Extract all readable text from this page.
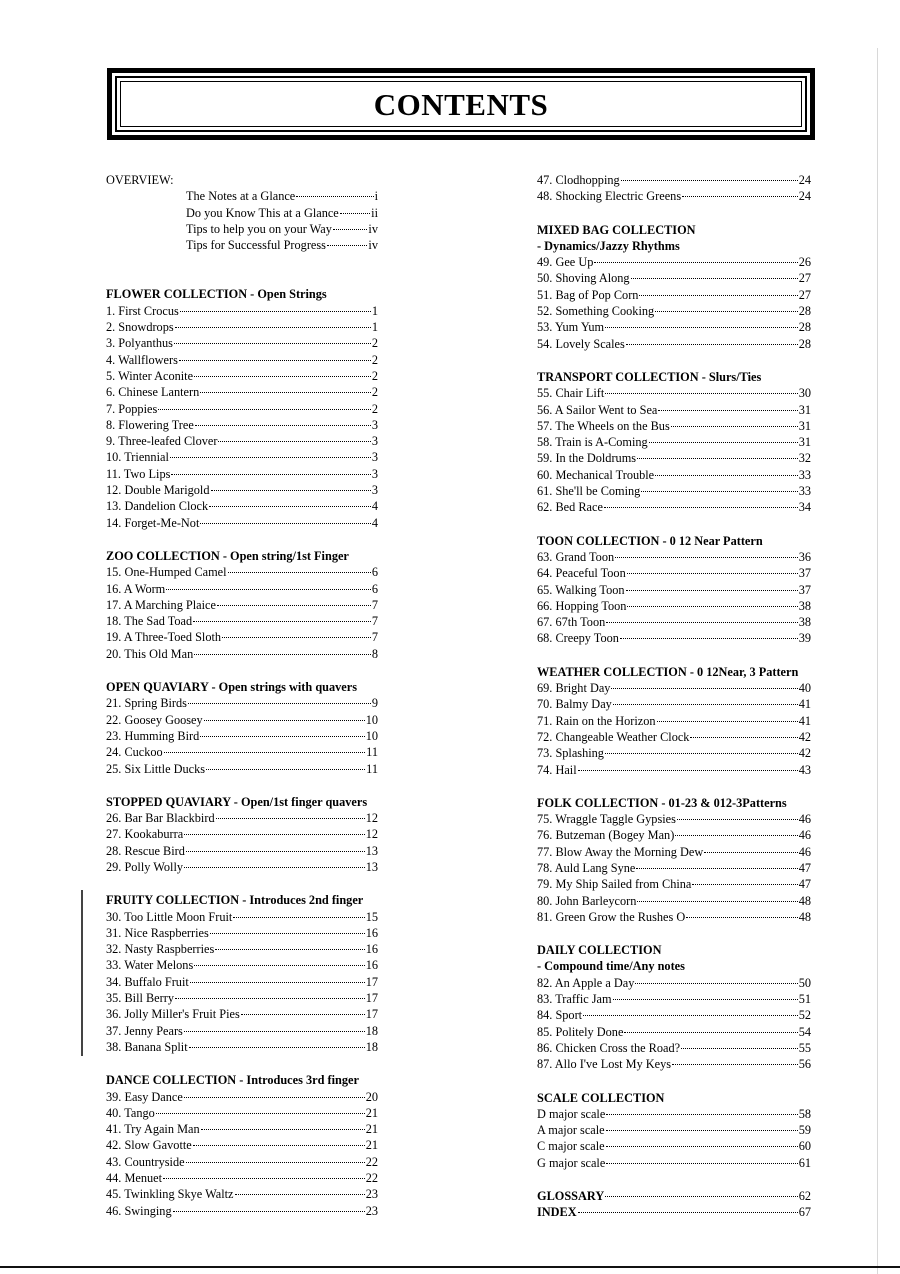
CONTENTS
OVERVIEW:
The Notes at a Glance	i
Do you Know This at a Glance	ii
Tips to help you on your Way	iv
Tips for Successful Progress	iv
FLOWER COLLECTION - Open Strings
1. First Crocus	1
2. Snowdrops	1
3. Polyanthus	2
4. Wallflowers	2
5. Winter Aconite	2
6. Chinese Lantern	2
7. Poppies	2
8. Flowering Tree	3
9. Three-leafed Clover	3
10. Triennial	3
11. Two Lips	3
12. Double Marigold	3
13. Dandelion Clock	4
14. Forget-Me-Not	4
ZOO COLLECTION - Open string/1st Finger
15. One-Humped Camel	6
16. A Worm	6
17. A Marching Plaice	7
18. The Sad Toad	7
19. A Three-Toed Sloth	7
20. This Old Man	8
OPEN QUAVIARY - Open strings with quavers
21. Spring Birds	9
22. Goosey Goosey	10
23. Humming Bird	10
24. Cuckoo	11
25. Six Little Ducks	11
STOPPED QUAVIARY - Open/1st finger quavers
26. Bar Bar Blackbird	12
27. Kookaburra	12
28. Rescue Bird	13
29. Polly Wolly	13
FRUITY COLLECTION - Introduces 2nd finger
30. Too Little Moon Fruit	15
31. Nice Raspberries	16
32. Nasty Raspberries	16
33. Water Melons	16
34. Buffalo Fruit	17
35. Bill Berry	17
36. Jolly Miller's Fruit Pies	17
37. Jenny Pears	18
38. Banana Split	18
DANCE COLLECTION - Introduces 3rd finger
39. Easy Dance	20
40. Tango	21
41. Try Again Man	21
42. Slow Gavotte	21
43. Countryside	22
44. Menuet	22
45. Twinkling Skye Waltz	23
46. Swinging	23
47. Clodhopping	24
48. Shocking Electric Greens	24
MIXED BAG COLLECTION
- Dynamics/Jazzy Rhythms
49. Gee Up	26
50. Shoving Along	27
51. Bag of Pop Corn	27
52. Something Cooking	28
53. Yum Yum	28
54. Lovely Scales	28
TRANSPORT COLLECTION - Slurs/Ties
55. Chair Lift	30
56. A Sailor Went to Sea	31
57. The Wheels on the Bus	31
58. Train is A-Coming	31
59. In the Doldrums	32
60. Mechanical Trouble	33
61. She'll be Coming	33
62. Bed Race	34
TOON COLLECTION - 0 12 Near Pattern
63. Grand Toon	36
64. Peaceful Toon	37
65. Walking Toon	37
66. Hopping Toon	38
67. 67th Toon	38
68. Creepy Toon	39
WEATHER COLLECTION - 0 12Near, 3 Pattern
69. Bright Day	40
70. Balmy Day	41
71. Rain on the Horizon	41
72. Changeable Weather Clock	42
73. Splashing	42
74. Hail	43
FOLK COLLECTION - 01-23 & 012-3Patterns
75. Wraggle Taggle Gypsies	46
76. Butzeman (Bogey Man)	46
77. Blow Away the Morning Dew	46
78. Auld Lang Syne	47
79. My Ship Sailed from China	47
80. John Barleycorn	48
81. Green Grow the Rushes O	48
DAILY COLLECTION
- Compound time/Any notes
82. An Apple a Day	50
83. Traffic Jam	51
84. Sport	52
85. Politely Done	54
86. Chicken Cross the Road?	55
87. Allo I've Lost My Keys	56
SCALE COLLECTION
D major scale	58
A major scale	59
C major scale	60
G major scale	61
GLOSSARY	62
INDEX	67
